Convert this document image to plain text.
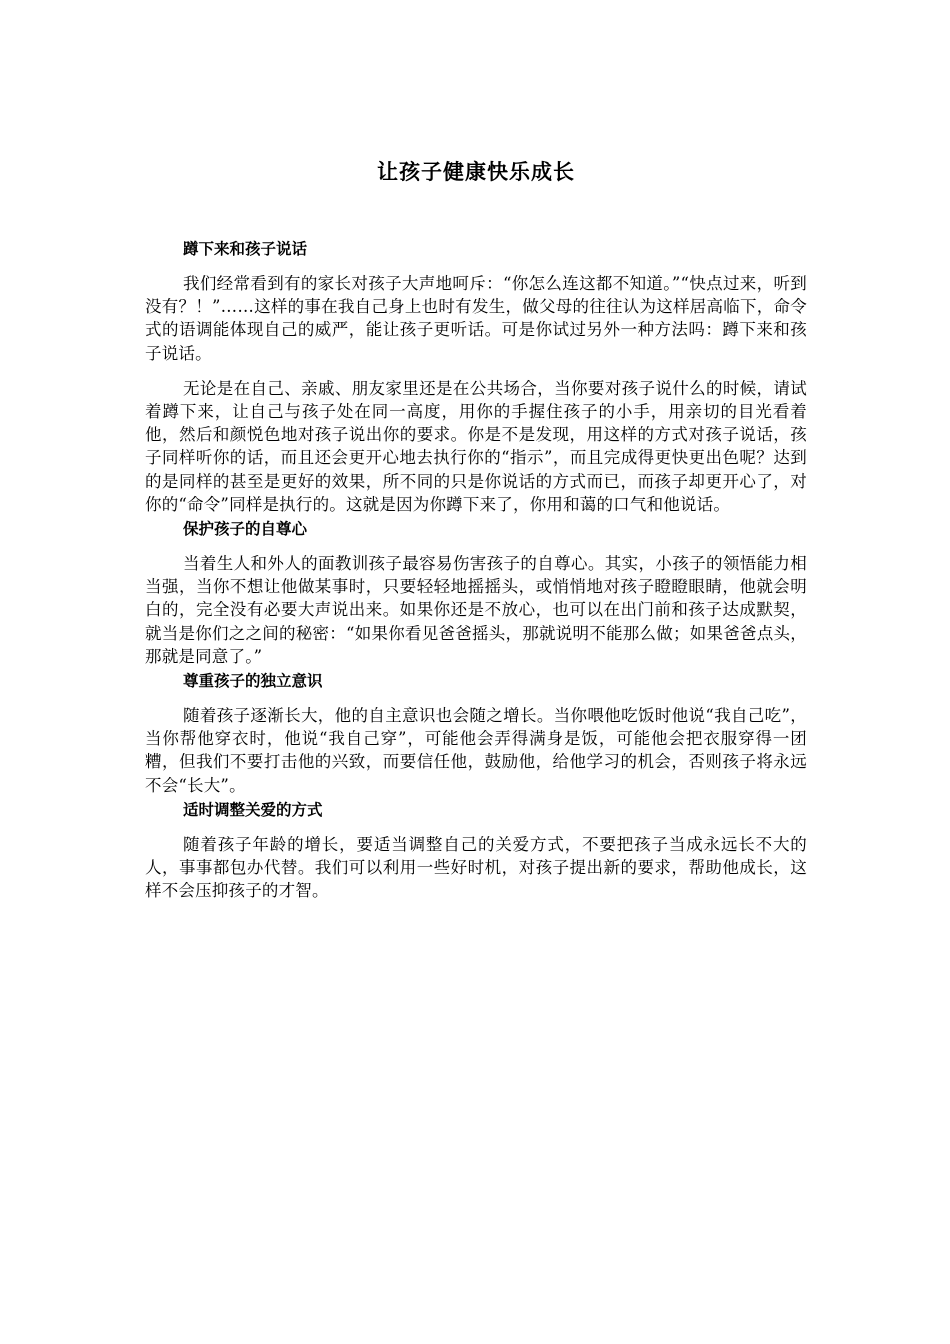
让孩子健康快乐成长
蹲下来和孩子说话

我们经常看到有的家长对孩子大声地呵斥：“你怎么连这都不知道。”“快点过来，听到没有？！”……这样的事在我自己身上也时有发生，做父母的往往认为这样居高临下，命令式的语调能体现自己的威严，能让孩子更听话。可是你试过另外一种方法吗：蹲下来和孩子说话。

无论是在自己、亲戚、朋友家里还是在公共场合，当你要对孩子说什么的时候，请试着蹲下来，让自己与孩子处在同一高度，用你的手握住孩子的小手，用亲切的目光看着他，然后和颜悦色地对孩子说出你的要求。你是不是发现，用这样的方式对孩子说话，孩子同样听你的话，而且还会更开心地去执行你的“指示”，而且完成得更快更出色呢？达到的是同样的甚至是更好的效果，所不同的只是你说话的方式而已，而孩子却更开心了，对你的“命令”同样是执行的。这就是因为你蹲下来了，你用和蔼的口气和他说话。

保护孩子的自尊心

当着生人和外人的面教训孩子最容易伤害孩子的自尊心。其实，小孩子的领悟能力相当强，当你不想让他做某事时，只要轻轻地摇摇头，或悄悄地对孩子瞪瞪眼睛，他就会明白的，完全没有必要大声说出来。如果你还是不放心，也可以在出门前和孩子达成默契，就当是你们之之间的秘密：“如果你看见爸爸摇头，那就说明不能那么做；如果爸爸点头，那就是同意了。”

尊重孩子的独立意识

随着孩子逐渐长大，他的自主意识也会随之增长。当你喂他吃饭时他说“我自己吃”，当你帮他穿衣时，他说“我自己穿”，可能他会弄得满身是饭，可能他会把衣服穿得一团糟，但我们不要打击他的兴致，而要信任他，鼓励他，给他学习的机会，否则孩子将永远不会“长大”。

适时调整关爱的方式

随着孩子年龄的增长，要适当调整自己的关爱方式，不要把孩子当成永远长不大的人，事事都包办代替。我们可以利用一些好时机，对孩子提出新的要求，帮助他成长，这样不会压抑孩子的才智。
